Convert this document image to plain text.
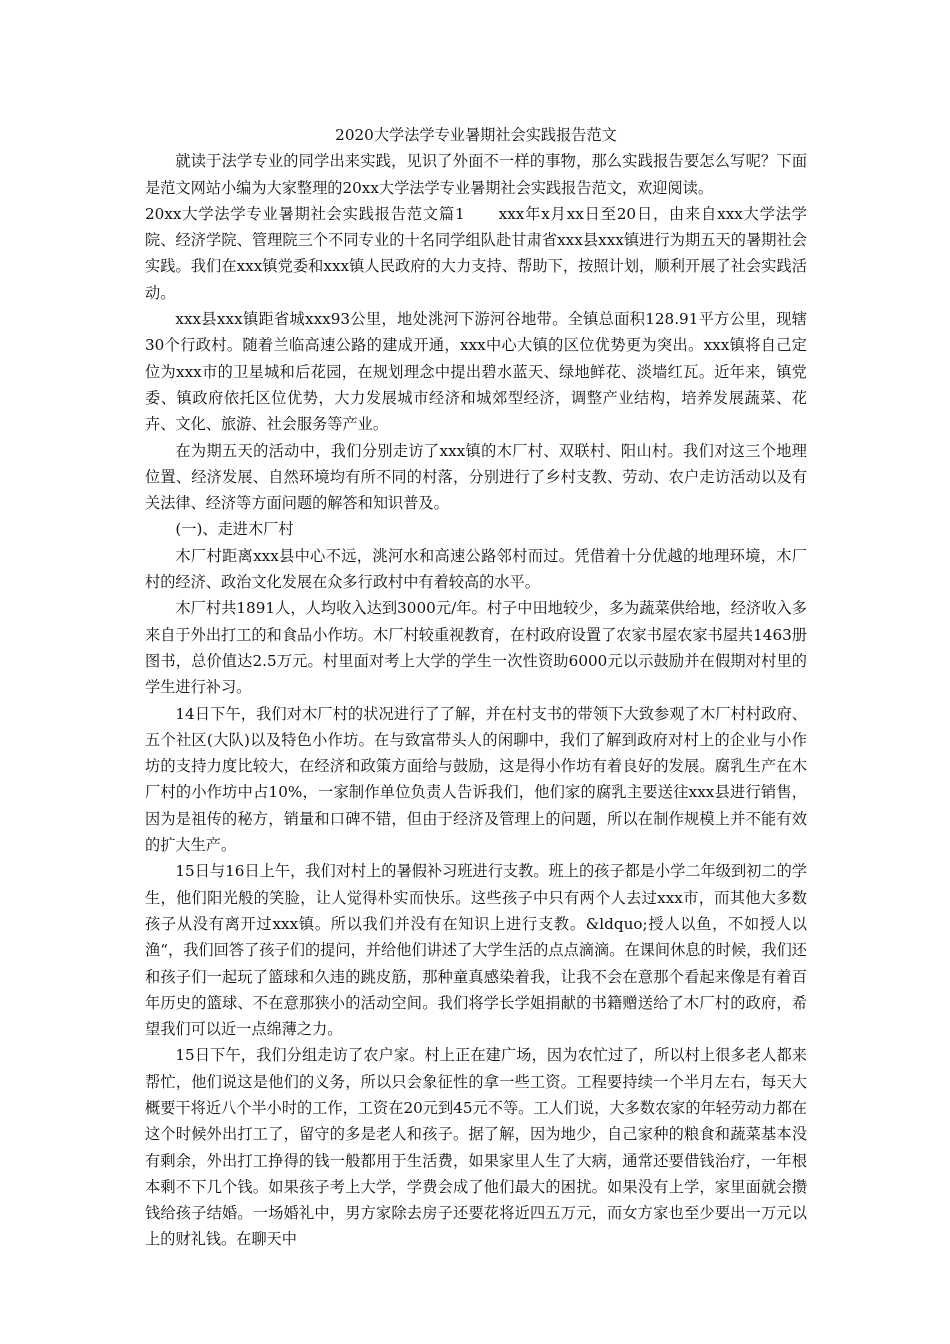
2020大学法学专业暑期社会实践报告范文

就读于法学专业的同学出来实践，见识了外面不一样的事物，那么实践报告要怎么写呢？下面是范文网站小编为大家整理的20xx大学法学专业暑期社会实践报告范文，欢迎阅读。

20xx大学法学专业暑期社会实践报告范文篇1 xxx年x月xx日至20日，由来自xxx大学法学院、经济学院、管理院三个不同专业的十名同学组队赴甘肃省xxx县xxx镇进行为期五天的暑期社会实践。我们在xxx镇党委和xxx镇人民政府的大力支持、帮助下，按照计划，顺利开展了社会实践活动。

xxx县xxx镇距省城xxx93公里，地处洮河下游河谷地带。全镇总面积128.91平方公里，现辖30个行政村。随着兰临高速公路的建成开通，xxx中心大镇的区位优势更为突出。xxx镇将自己定位为xxx市的卫星城和后花园，在规划理念中提出碧水蓝天、绿地鲜花、淡墙红瓦。近年来，镇党委、镇政府依托区位优势，大力发展城市经济和城郊型经济，调整产业结构，培养发展蔬菜、花卉、文化、旅游、社会服务等产业。

在为期五天的活动中，我们分别走访了xxx镇的木厂村、双联村、阳山村。我们对这三个地理位置、经济发展、自然环境均有所不同的村落，分别进行了乡村支教、劳动、农户走访活动以及有关法律、经济等方面问题的解答和知识普及。

(一)、走进木厂村

木厂村距离xxx县中心不远，洮河水和高速公路邻村而过。凭借着十分优越的地理环境，木厂村的经济、政治文化发展在众多行政村中有着较高的水平。

木厂村共1891人，人均收入达到3000元/年。村子中田地较少，多为蔬菜供给地，经济收入多来自于外出打工的和食品小作坊。木厂村较重视教育，在村政府设置了农家书屋农家书屋共1463册图书，总价值达2.5万元。村里面对考上大学的学生一次性资助6000元以示鼓励并在假期对村里的学生进行补习。

14日下午，我们对木厂村的状况进行了了解，并在村支书的带领下大致参观了木厂村村政府、五个社区(大队)以及特色小作坊。在与致富带头人的闲聊中，我们了解到政府对村上的企业与小作坊的支持力度比较大，在经济和政策方面给与鼓励，这是得小作坊有着良好的发展。腐乳生产在木厂村的小作坊中占10%，一家制作单位负责人告诉我们，他们家的腐乳主要送往xxx县进行销售，因为是祖传的秘方，销量和口碑不错，但由于经济及管理上的问题，所以在制作规模上并不能有效的扩大生产。

15日与16日上午，我们对村上的暑假补习班进行支教。班上的孩子都是小学二年级到初二的学生，他们阳光般的笑脸，让人觉得朴实而快乐。这些孩子中只有两个人去过xxx市，而其他大多数孩子从没有离开过xxx镇。所以我们并没有在知识上进行支教。&ldquo;授人以鱼，不如授人以渔“，我们回答了孩子们的提问，并给他们讲述了大学生活的点点滴滴。在课间休息的时候，我们还和孩子们一起玩了篮球和久违的跳皮筋，那种童真感染着我，让我不会在意那个看起来像是有着百年历史的篮球、不在意那狭小的活动空间。我们将学长学姐捐献的书籍赠送给了木厂村的政府，希望我们可以近一点绵薄之力。

15日下午，我们分组走访了农户家。村上正在建广场，因为农忙过了，所以村上很多老人都来帮忙，他们说这是他们的义务，所以只会象征性的拿一些工资。工程要持续一个半月左右，每天大概要干将近八个半小时的工作，工资在20元到45元不等。工人们说，大多数农家的年轻劳动力都在这个时候外出打工了，留守的多是老人和孩子。据了解，因为地少，自己家种的粮食和蔬菜基本没有剩余，外出打工挣得的钱一般都用于生活费，如果家里人生了大病，通常还要借钱治疗，一年根本剩不下几个钱。如果孩子考上大学，学费会成了他们最大的困扰。如果没有上学，家里面就会攒钱给孩子结婚。一场婚礼中，男方家除去房子还要花将近四五万元，而女方家也至少要出一万元以上的财礼钱。在聊天中
